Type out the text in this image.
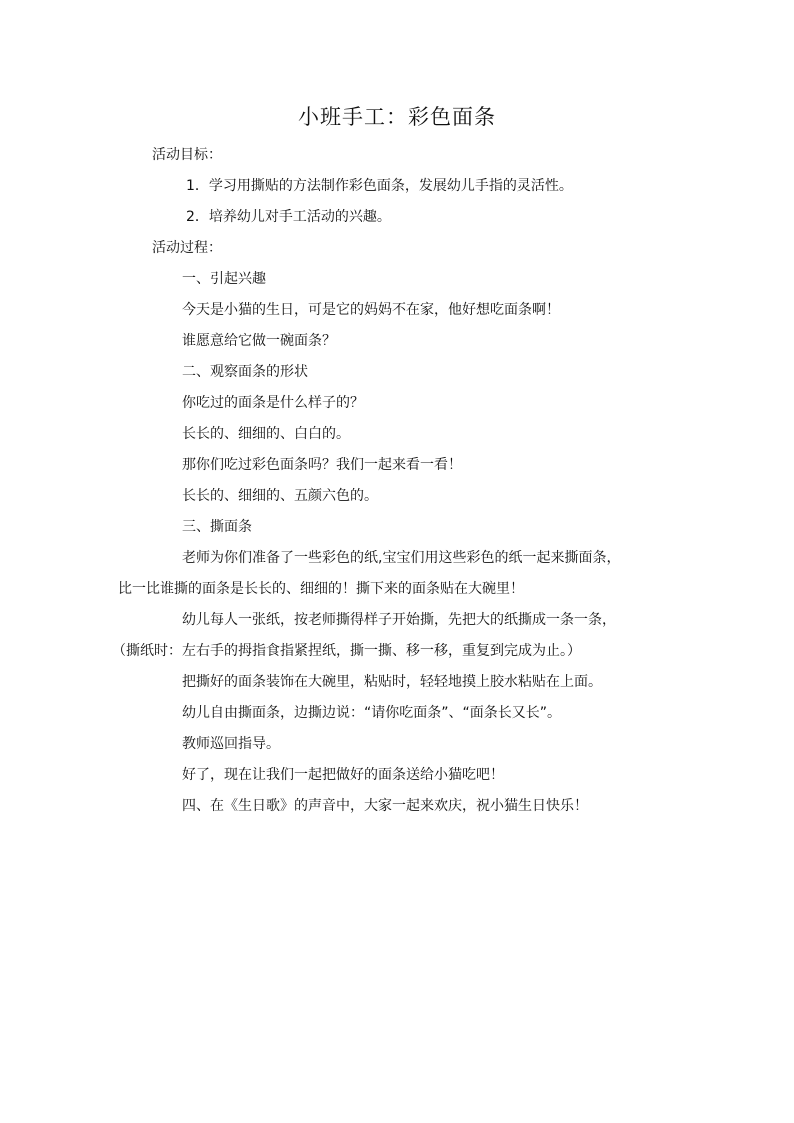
小班手工：彩色面条

活动目标：

1．学习用撕贴的方法制作彩色面条，发展幼儿手指的灵活性。

2．培养幼儿对手工活动的兴趣。

活动过程：

一、引起兴趣

今天是小猫的生日，可是它的妈妈不在家，他好想吃面条啊！

谁愿意给它做一碗面条？

二、观察面条的形状

你吃过的面条是什么样子的？

长长的、细细的、白白的。

那你们吃过彩色面条吗？我们一起来看一看！

长长的、细细的、五颜六色的。

三、撕面条

老师为你们准备了一些彩色的纸,宝宝们用这些彩色的纸一起来撕面条，

比一比谁撕的面条是长长的、细细的！撕下来的面条贴在大碗里！

幼儿每人一张纸，按老师撕得样子开始撕，先把大的纸撕成一条一条，

（撕纸时：左右手的拇指食指紧捏纸，撕一撕、移一移，重复到完成为止。）

把撕好的面条装饰在大碗里，粘贴时，轻轻地摸上胶水粘贴在上面。

幼儿自由撕面条，边撕边说：“请你吃面条”、“面条长又长”。

教师巡回指导。

好了，现在让我们一起把做好的面条送给小猫吃吧！

四、在《生日歌》的声音中，大家一起来欢庆，祝小猫生日快乐！
